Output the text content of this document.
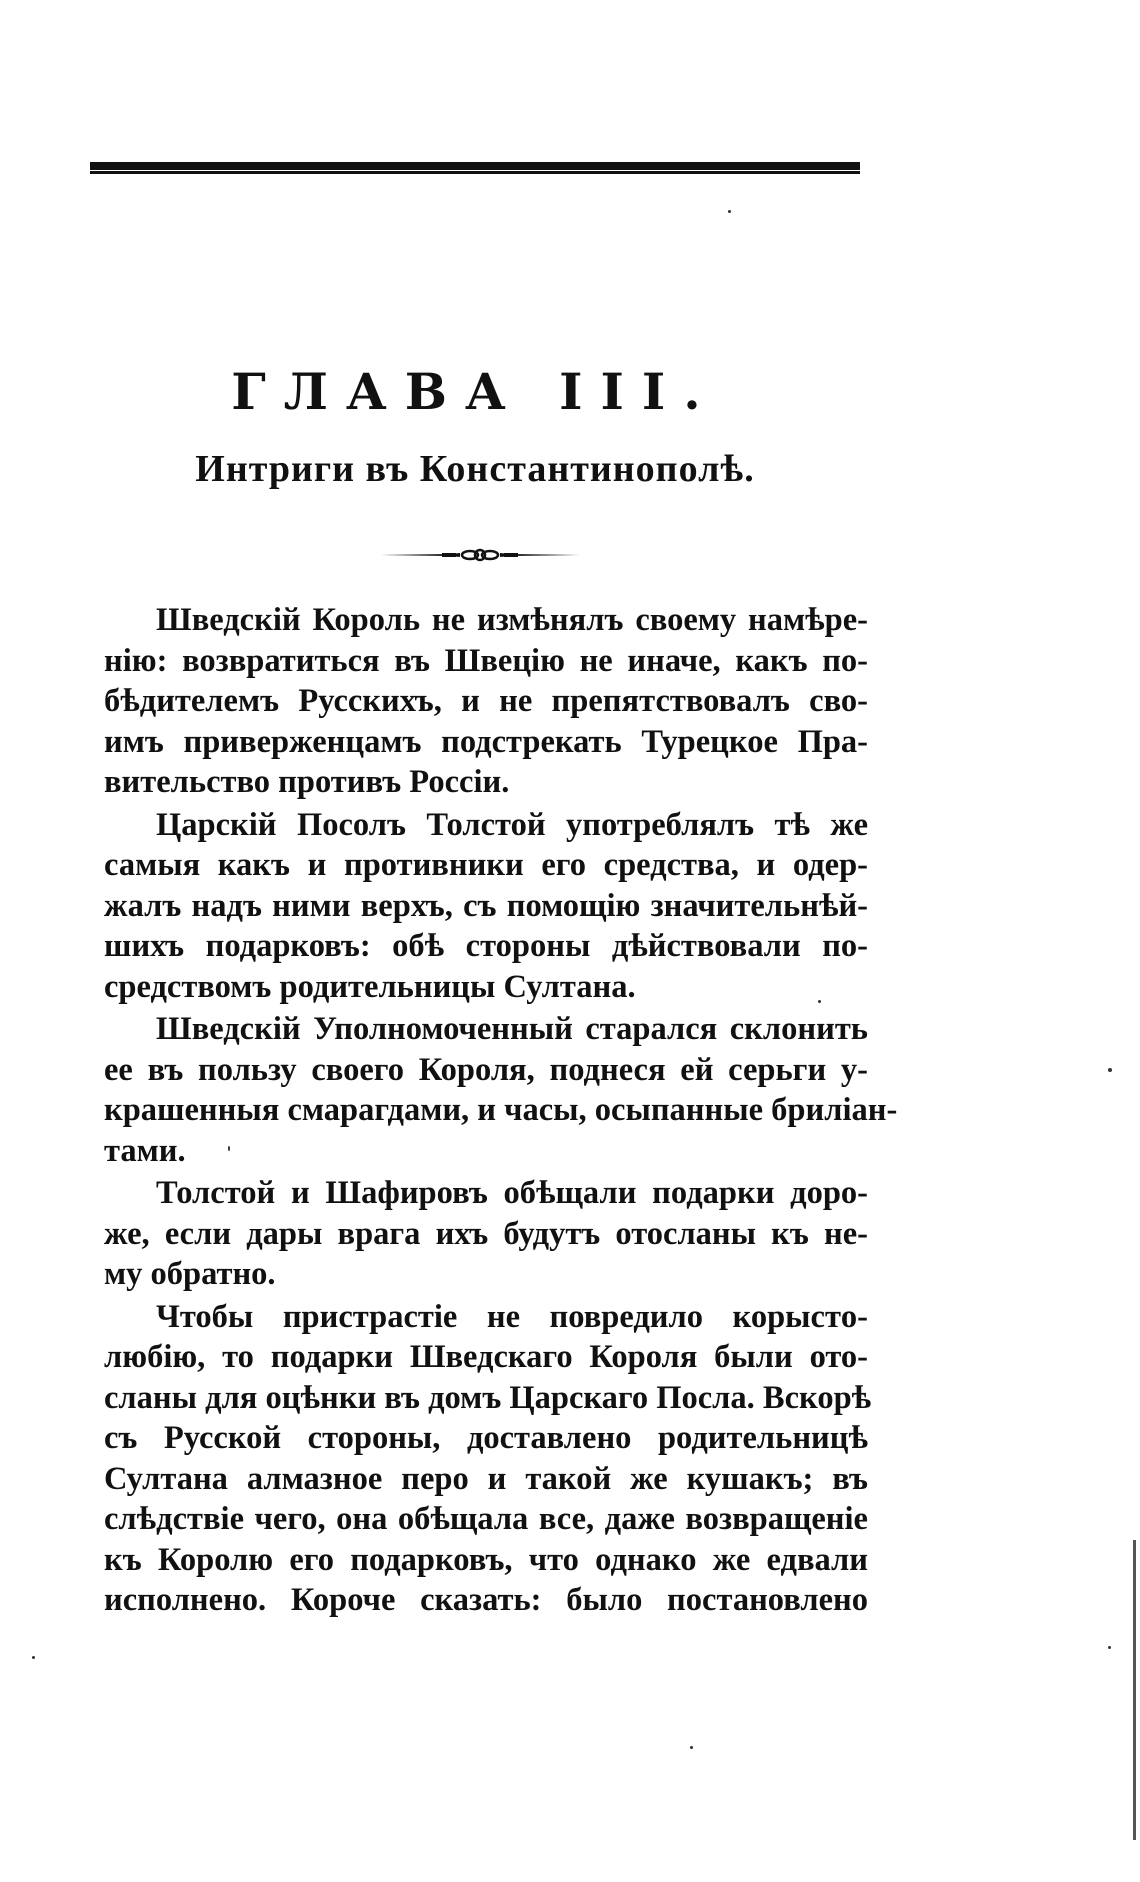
ГЛАВА III.
Интриги въ Константинополѣ.
Шведскій Король не измѣнялъ своему намѣре-
нію: возвратиться въ Швецію не иначе, какъ по-
бѣдителемъ Русскихъ, и не препятствовалъ сво-
имъ приверженцамъ подстрекать Турецкое Пра-
вительство противъ Россіи.
Царскій Посолъ Толстой употреблялъ тѣ же
самыя какъ и противники его средства, и одер-
жалъ надъ ними верхъ, съ помощію значительнѣй-
шихъ подарковъ: обѣ стороны дѣйствовали по-
средствомъ родительницы Султана.
Шведскій Уполномоченный старался склонить
ее въ пользу своего Короля, поднеся ей серьги у-
крашенныя смарагдами, и часы, осыпанные бриліан-
тами.
Толстой и Шафировъ обѣщали подарки доро-
же, если дары врага ихъ будутъ отосланы къ не-
му обратно.
Чтобы пристрастіе не повредило корыстo-
любію, то подарки Шведскаго Короля были ото-
сланы для оцѣнки въ домъ Царскаго Посла. Вскорѣ
съ Русской стороны, доставлено родительницѣ
Султана алмазное перо и такой же кушакъ; въ
слѣдствіе чего, она обѣщала все, даже возвращеніе
къ Королю его подарковъ, что однако же едвали
исполнено. Короче сказать: было постановлено
